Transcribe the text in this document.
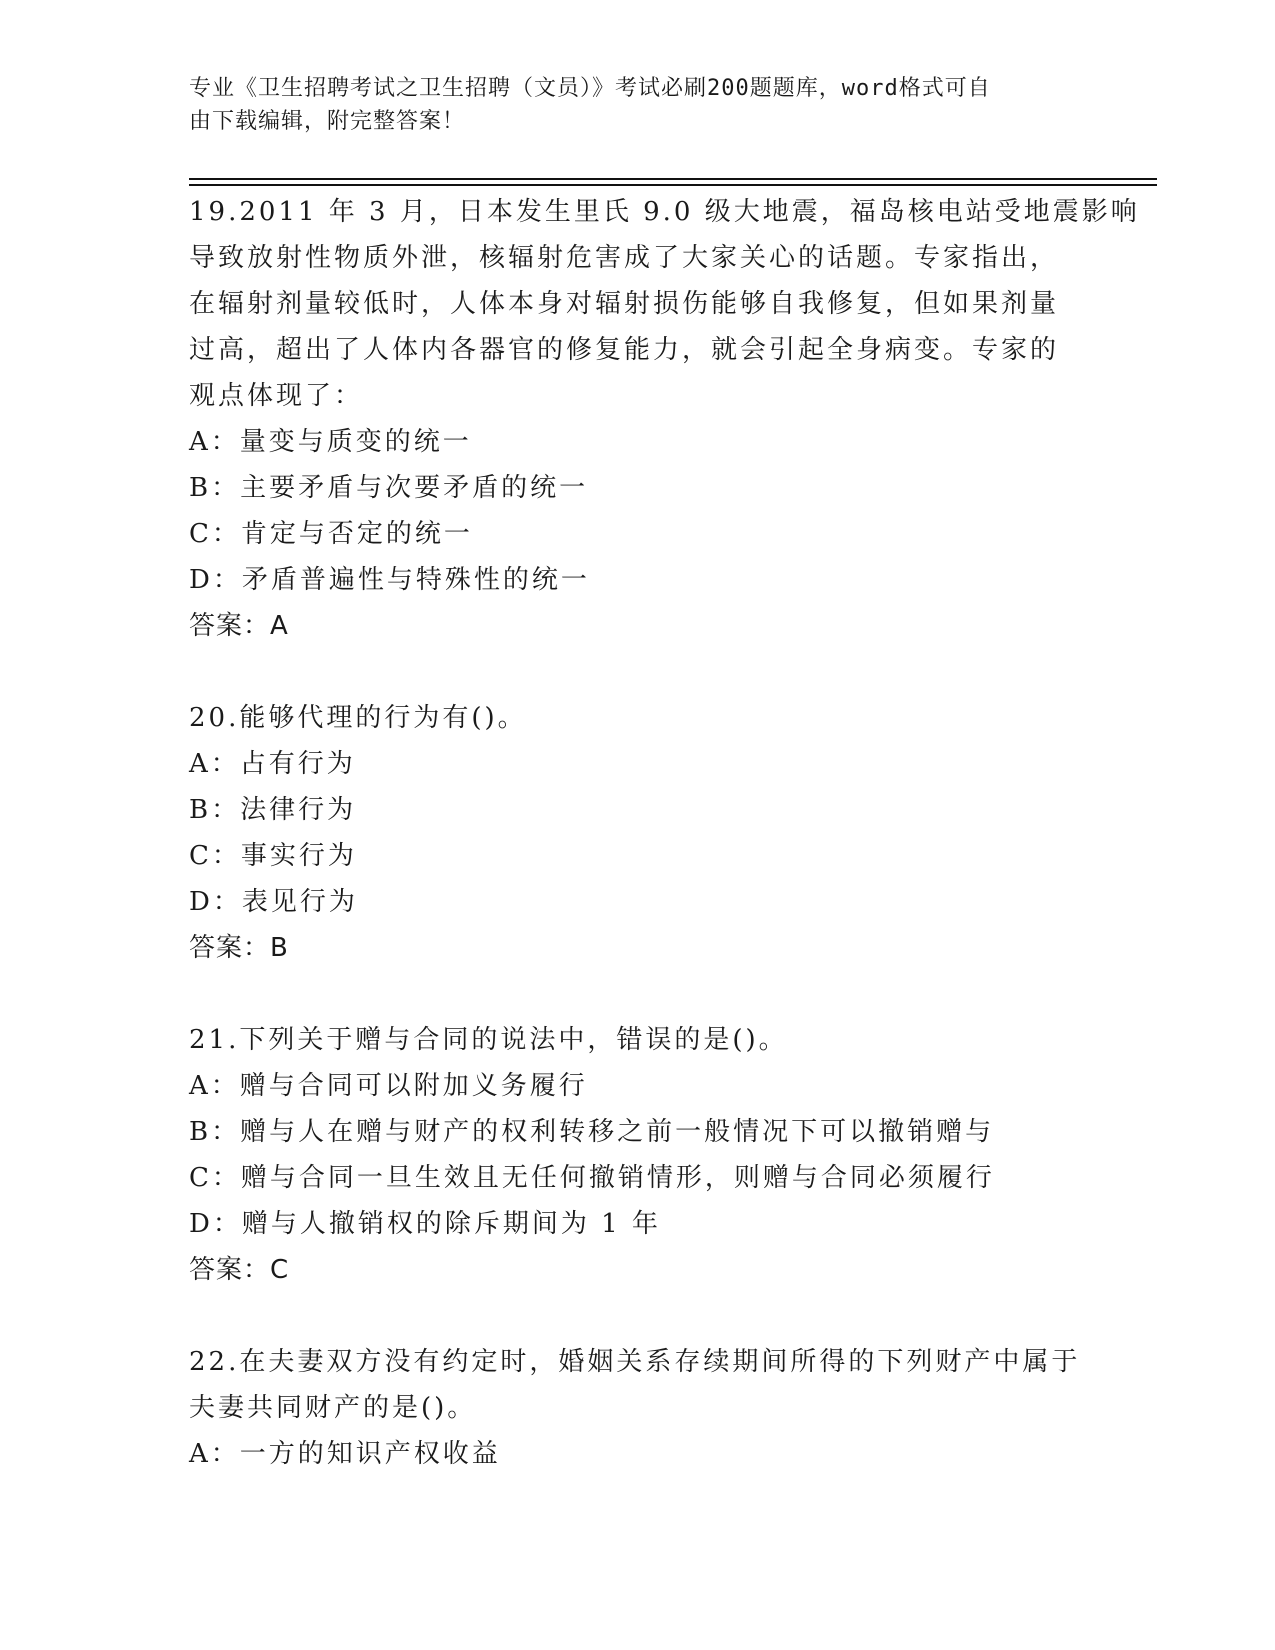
专业《卫生招聘考试之卫生招聘（文员）》考试必刷200题题库，word格式可自
由下载编辑，附完整答案！
19.2011 年 3 月，日本发生里氏 9.0 级大地震，福岛核电站受地震影响
导致放射性物质外泄，核辐射危害成了大家关心的话题。专家指出，
在辐射剂量较低时，人体本身对辐射损伤能够自我修复，但如果剂量
过高，超出了人体内各器官的修复能力，就会引起全身病变。专家的
观点体现了：
A：量变与质变的统一
B：主要矛盾与次要矛盾的统一
C：肯定与否定的统一
D：矛盾普遍性与特殊性的统一
答案：A
20.能够代理的行为有()。
A：占有行为
B：法律行为
C：事实行为
D：表见行为
答案：B
21.下列关于赠与合同的说法中，错误的是()。
A：赠与合同可以附加义务履行
B：赠与人在赠与财产的权利转移之前一般情况下可以撤销赠与
C：赠与合同一旦生效且无任何撤销情形，则赠与合同必须履行
D：赠与人撤销权的除斥期间为 1 年
答案：C
22.在夫妻双方没有约定时，婚姻关系存续期间所得的下列财产中属于
夫妻共同财产的是()。
A：一方的知识产权收益
